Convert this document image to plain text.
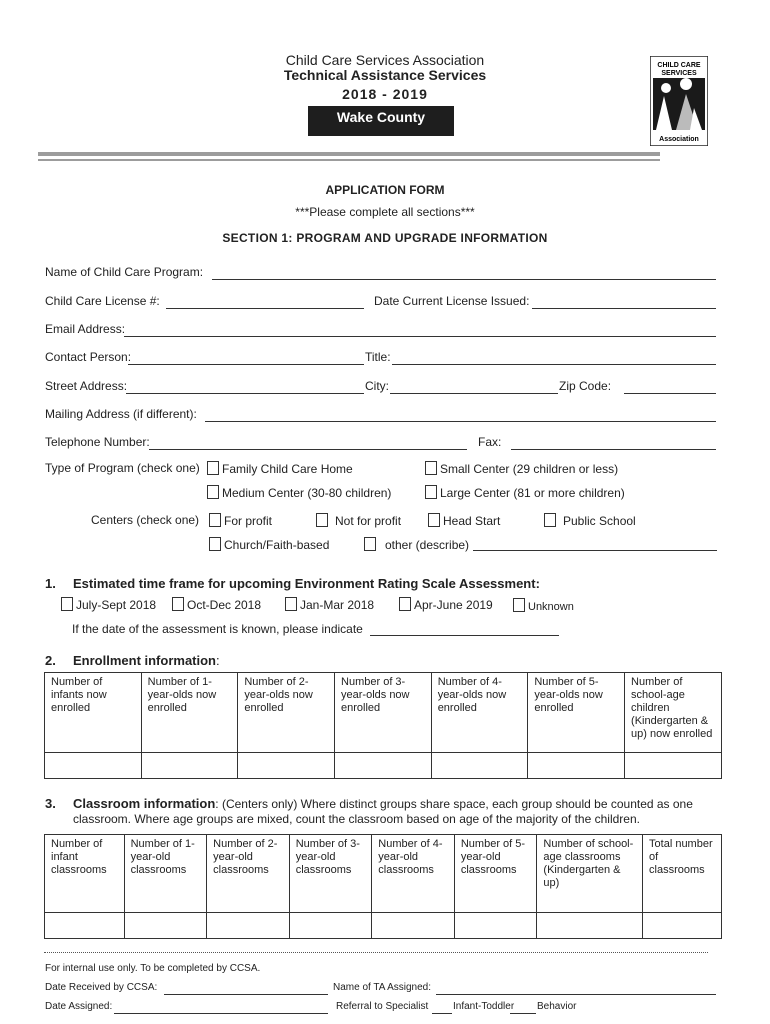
Child Care Services Association
Technical Assistance Services
2018 - 2019
Wake County
CHILD CARE
SERVICES
Association
APPLICATION FORM
***Please complete all sections***
SECTION 1: PROGRAM AND UPGRADE INFORMATION
Name of Child Care Program:
Child Care License #:	Date Current License Issued:
Email Address:
Contact Person:	Title:
Street Address:	City:	Zip Code:
Mailing Address (if different):
Telephone Number:	Fax:
Type of Program (check one)	Family Child Care Home	Small Center (29 children or less)
Medium Center (30-80 children)	Large Center (81 or more children)
Centers (check one)	For profit	Not for profit	Head Start	Public School
Church/Faith-based	other (describe)
1. Estimated time frame for upcoming Environment Rating Scale Assessment:
July-Sept 2018	Oct-Dec 2018	Jan-Mar 2018	Apr-June 2019	Unknown
If the date of the assessment is known, please indicate
2. Enrollment information:
Number of infants now enrolled	Number of 1-year-olds now enrolled	Number of 2-year-olds now enrolled	Number of 3-year-olds now enrolled	Number of 4-year-olds now enrolled	Number of 5-year-olds now enrolled	Number of school-age children (Kindergarten & up) now enrolled

3. Classroom information: (Centers only) Where distinct groups share space, each group should be counted as one
classroom. Where age groups are mixed, count the classroom based on age of the majority of the children.
Number of infant classrooms	Number of 1-year-old classrooms	Number of 2-year-old classrooms	Number of 3-year-old classrooms	Number of 4-year-old classrooms	Number of 5-year-old classrooms	Number of school-age classrooms (Kindergarten & up)	Total number of classrooms

For internal use only. To be completed by CCSA.
Date Received by CCSA:	Name of TA Assigned:
Date Assigned:	Referral to Specialist Infant-Toddler Behavior
